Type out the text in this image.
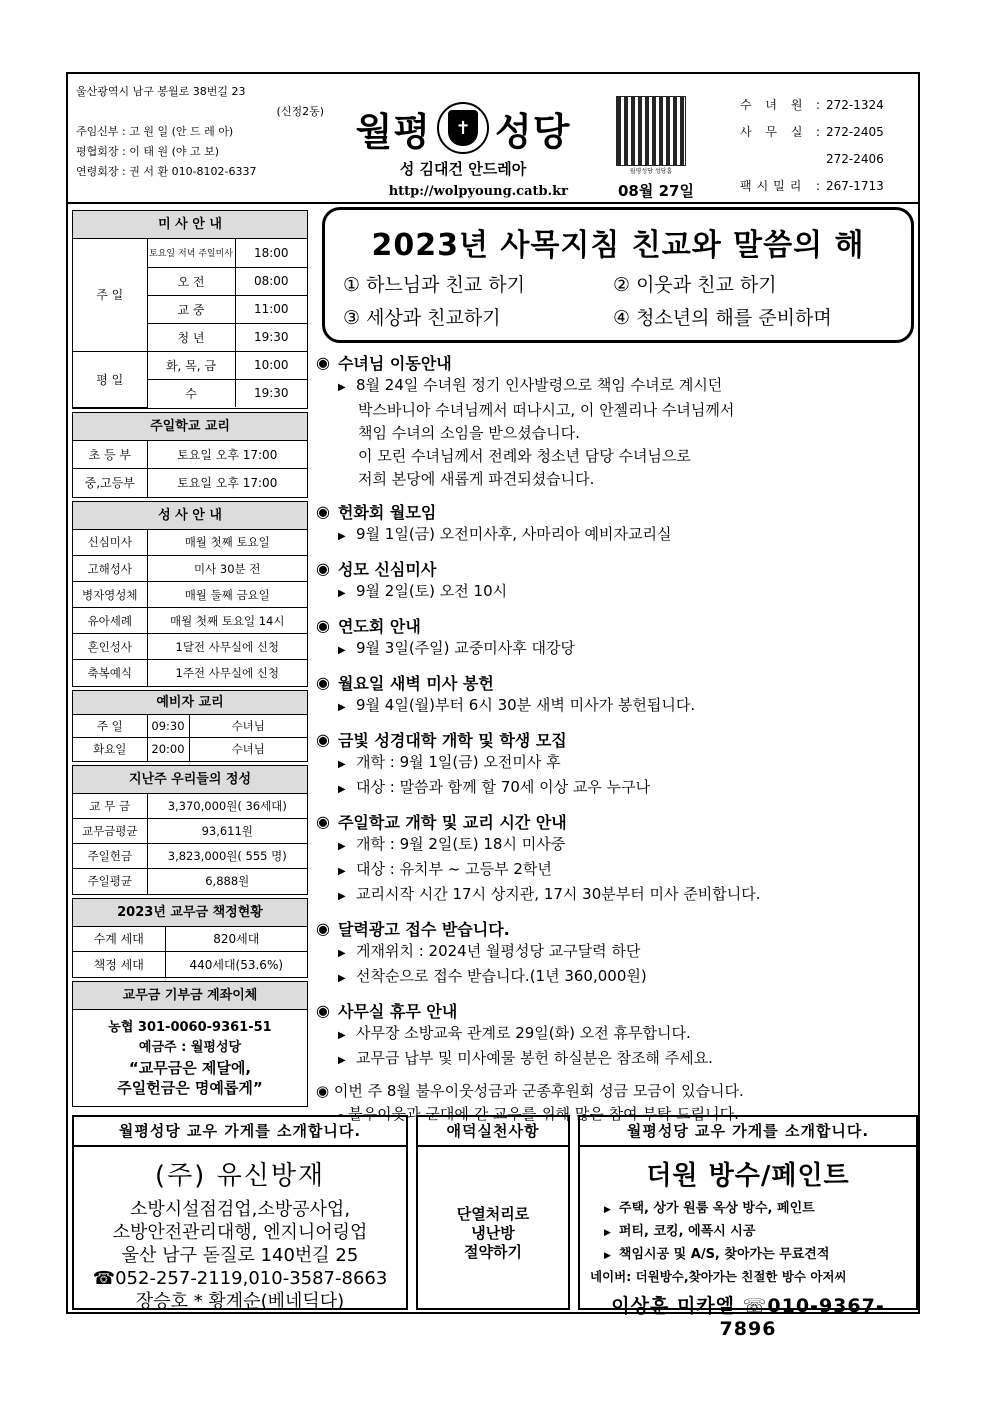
울산광역시 남구 봉월로 38번길 23
(신정2동)
주임신부 : 고 원 일 (안 드 레 아)
평협회장 : 이 태 원 (야 고 보)
연령회장 : 권 서 환 010-8102-6337
월평	✝ 성당
성 김대건 안드레아
http://wolpyoung.catb.kr
월평성당 성당홈
08월 27일
수 녀 원 : 272-1324
사 무 실 : 272-2405
272-2406
팩시밀리 : 267-1713
미 사 안 내
주 일	토요일 저녁 주일미사	18:00
	오 전	08:00
	교 중	11:00
	청 년	19:30
평 일	화, 목, 금	10:00
	수	19:30
주일학교 교리
초 등 부	토요일 오후 17:00
중,고등부	토요일 오후 17:00
성 사 안 내
신심미사	매월 첫째 토요일
고해성사	미사 30분 전
병자영성체	매월 둘째 금요일
유아세례	매월 첫째 토요일 14시
혼인성사	1달전 사무실에 신청
축복예식	1주전 사무실에 신청
예비자 교리
주 일	09:30	수녀님
화요일	20:00	수녀님
지난주 우리들의 정성
교 무 금	3,370,000원( 36세대)
교무금평균	93,611원
주일헌금	3,823,000원( 555 명)
주일평균	6,888원
2023년 교무금 책정현황
수계 세대	820세대
책정 세대	440세대(53.6%)
교무금 기부금 계좌이체
농협 301-0060-9361-51
예금주 : 월평성당
“교무금은 제달에,
주일헌금은 명예롭게”
2023년 사목지침 친교와 말씀의 해
① 하느님과 친교 하기	② 이웃과 친교 하기
③ 세상과 친교하기	④ 청소년의 해를 준비하며
◉ 수녀님 이동안내

▶ 8월 24일 수녀원 정기 인사발령으로 책임 수녀로 계시던

박스바니아 수녀님께서 떠나시고, 이 안젤리나 수녀님께서

책임 수녀의 소임을 받으셨습니다.

이 모린 수녀님께서 전례와 청소년 담당 수녀님으로

저희 본당에 새롭게 파견되셨습니다.

◉ 헌화회 월모임

▶ 9월 1일(금) 오전미사후, 사마리아 예비자교리실

◉ 성모 신심미사

▶ 9월 2일(토) 오전 10시

◉ 연도회 안내

▶ 9월 3일(주일) 교중미사후 대강당

◉ 월요일 새벽 미사 봉헌

▶ 9월 4일(월)부터 6시 30분 새벽 미사가 봉헌됩니다.

◉ 금빛 성경대학 개학 및 학생 모집

▶ 개학 : 9월 1일(금) 오전미사 후

▶ 대상 : 말씀과 함께 할 70세 이상 교우 누구나

◉ 주일학교 개학 및 교리 시간 안내

▶ 개학 : 9월 2일(토) 18시 미사중

▶ 대상 : 유치부 ~ 고등부 2학년

▶ 교리시작 시간 17시 상지관, 17시 30분부터 미사 준비합니다.

◉ 달력광고 접수 받습니다.

▶ 게재위치 : 2024년 월평성당 교구달력 하단

▶ 선착순으로 접수 받습니다.(1년 360,000원)

◉ 사무실 휴무 안내

▶ 사무장 소방교육 관계로 29일(화) 오전 휴무합니다.

▶ 교무금 납부 및 미사예물 봉헌 하실분은 참조해 주세요.

◉ 이번 주 8월 불우이웃성금과 군종후원회 성금 모금이 있습니다.
- 불우이웃과 군대에 간 교우를 위해 많은 참여 부탁 드립니다.
월평성당 교우 가게를 소개합니다.
(주) 유신방재
소방시설점검업,소방공사업,
소방안전관리대행, 엔지니어링업
울산 남구 돋질로 140번길 25
☎052-257-2119,010-3587-8663
장승호 * 황계순(베네딕다)
애덕실천사항
단열처리로
냉난방
절약하기
월평성당 교우 가게를 소개합니다.
더원 방수/페인트
▶ 주택, 상가 원룸 옥상 방수, 페인트
▶ 퍼티, 코킹, 에폭시 시공
▶ 책임시공 및 A/S, 찾아가는 무료견적
네이버: 더원방수,찾아가는 친절한 방수 아저씨
이상훈 미카엘 ☏010-9367-7896
